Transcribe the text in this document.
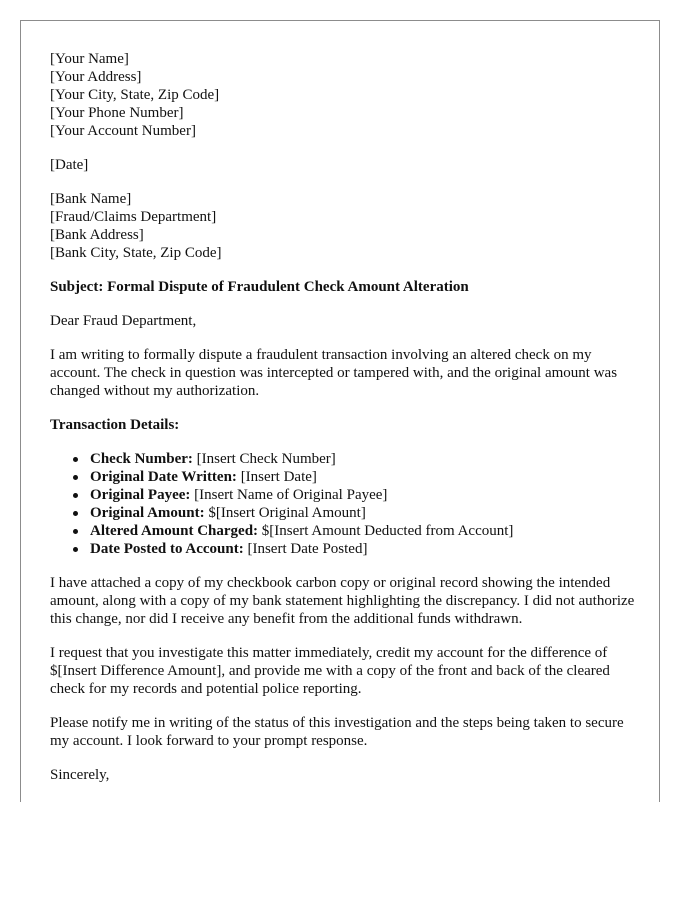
[Your Name]
[Your Address]
[Your City, State, Zip Code]
[Your Phone Number]
[Your Account Number]
[Date]
[Bank Name]
[Fraud/Claims Department]
[Bank Address]
[Bank City, State, Zip Code]

Subject: Formal Dispute of Fraudulent Check Amount Alteration

Dear Fraud Department,

I am writing to formally dispute a fraudulent transaction involving an altered check on my account. The check in question was intercepted or tampered with, and the original amount was changed without my authorization.

Transaction Details:

Check Number: [Insert Check Number]
Original Date Written: [Insert Date]
Original Payee: [Insert Name of Original Payee]
Original Amount: $[Insert Original Amount]
Altered Amount Charged: $[Insert Amount Deducted from Account]
Date Posted to Account: [Insert Date Posted]

I have attached a copy of my checkbook carbon copy or original record showing the intended amount, along with a copy of my bank statement highlighting the discrepancy. I did not authorize this change, nor did I receive any benefit from the additional funds withdrawn.

I request that you investigate this matter immediately, credit my account for the difference of $[Insert Difference Amount], and provide me with a copy of the front and back of the cleared check for my records and potential police reporting.

Please notify me in writing of the status of this investigation and the steps being taken to secure my account. I look forward to your prompt response.

Sincerely,
